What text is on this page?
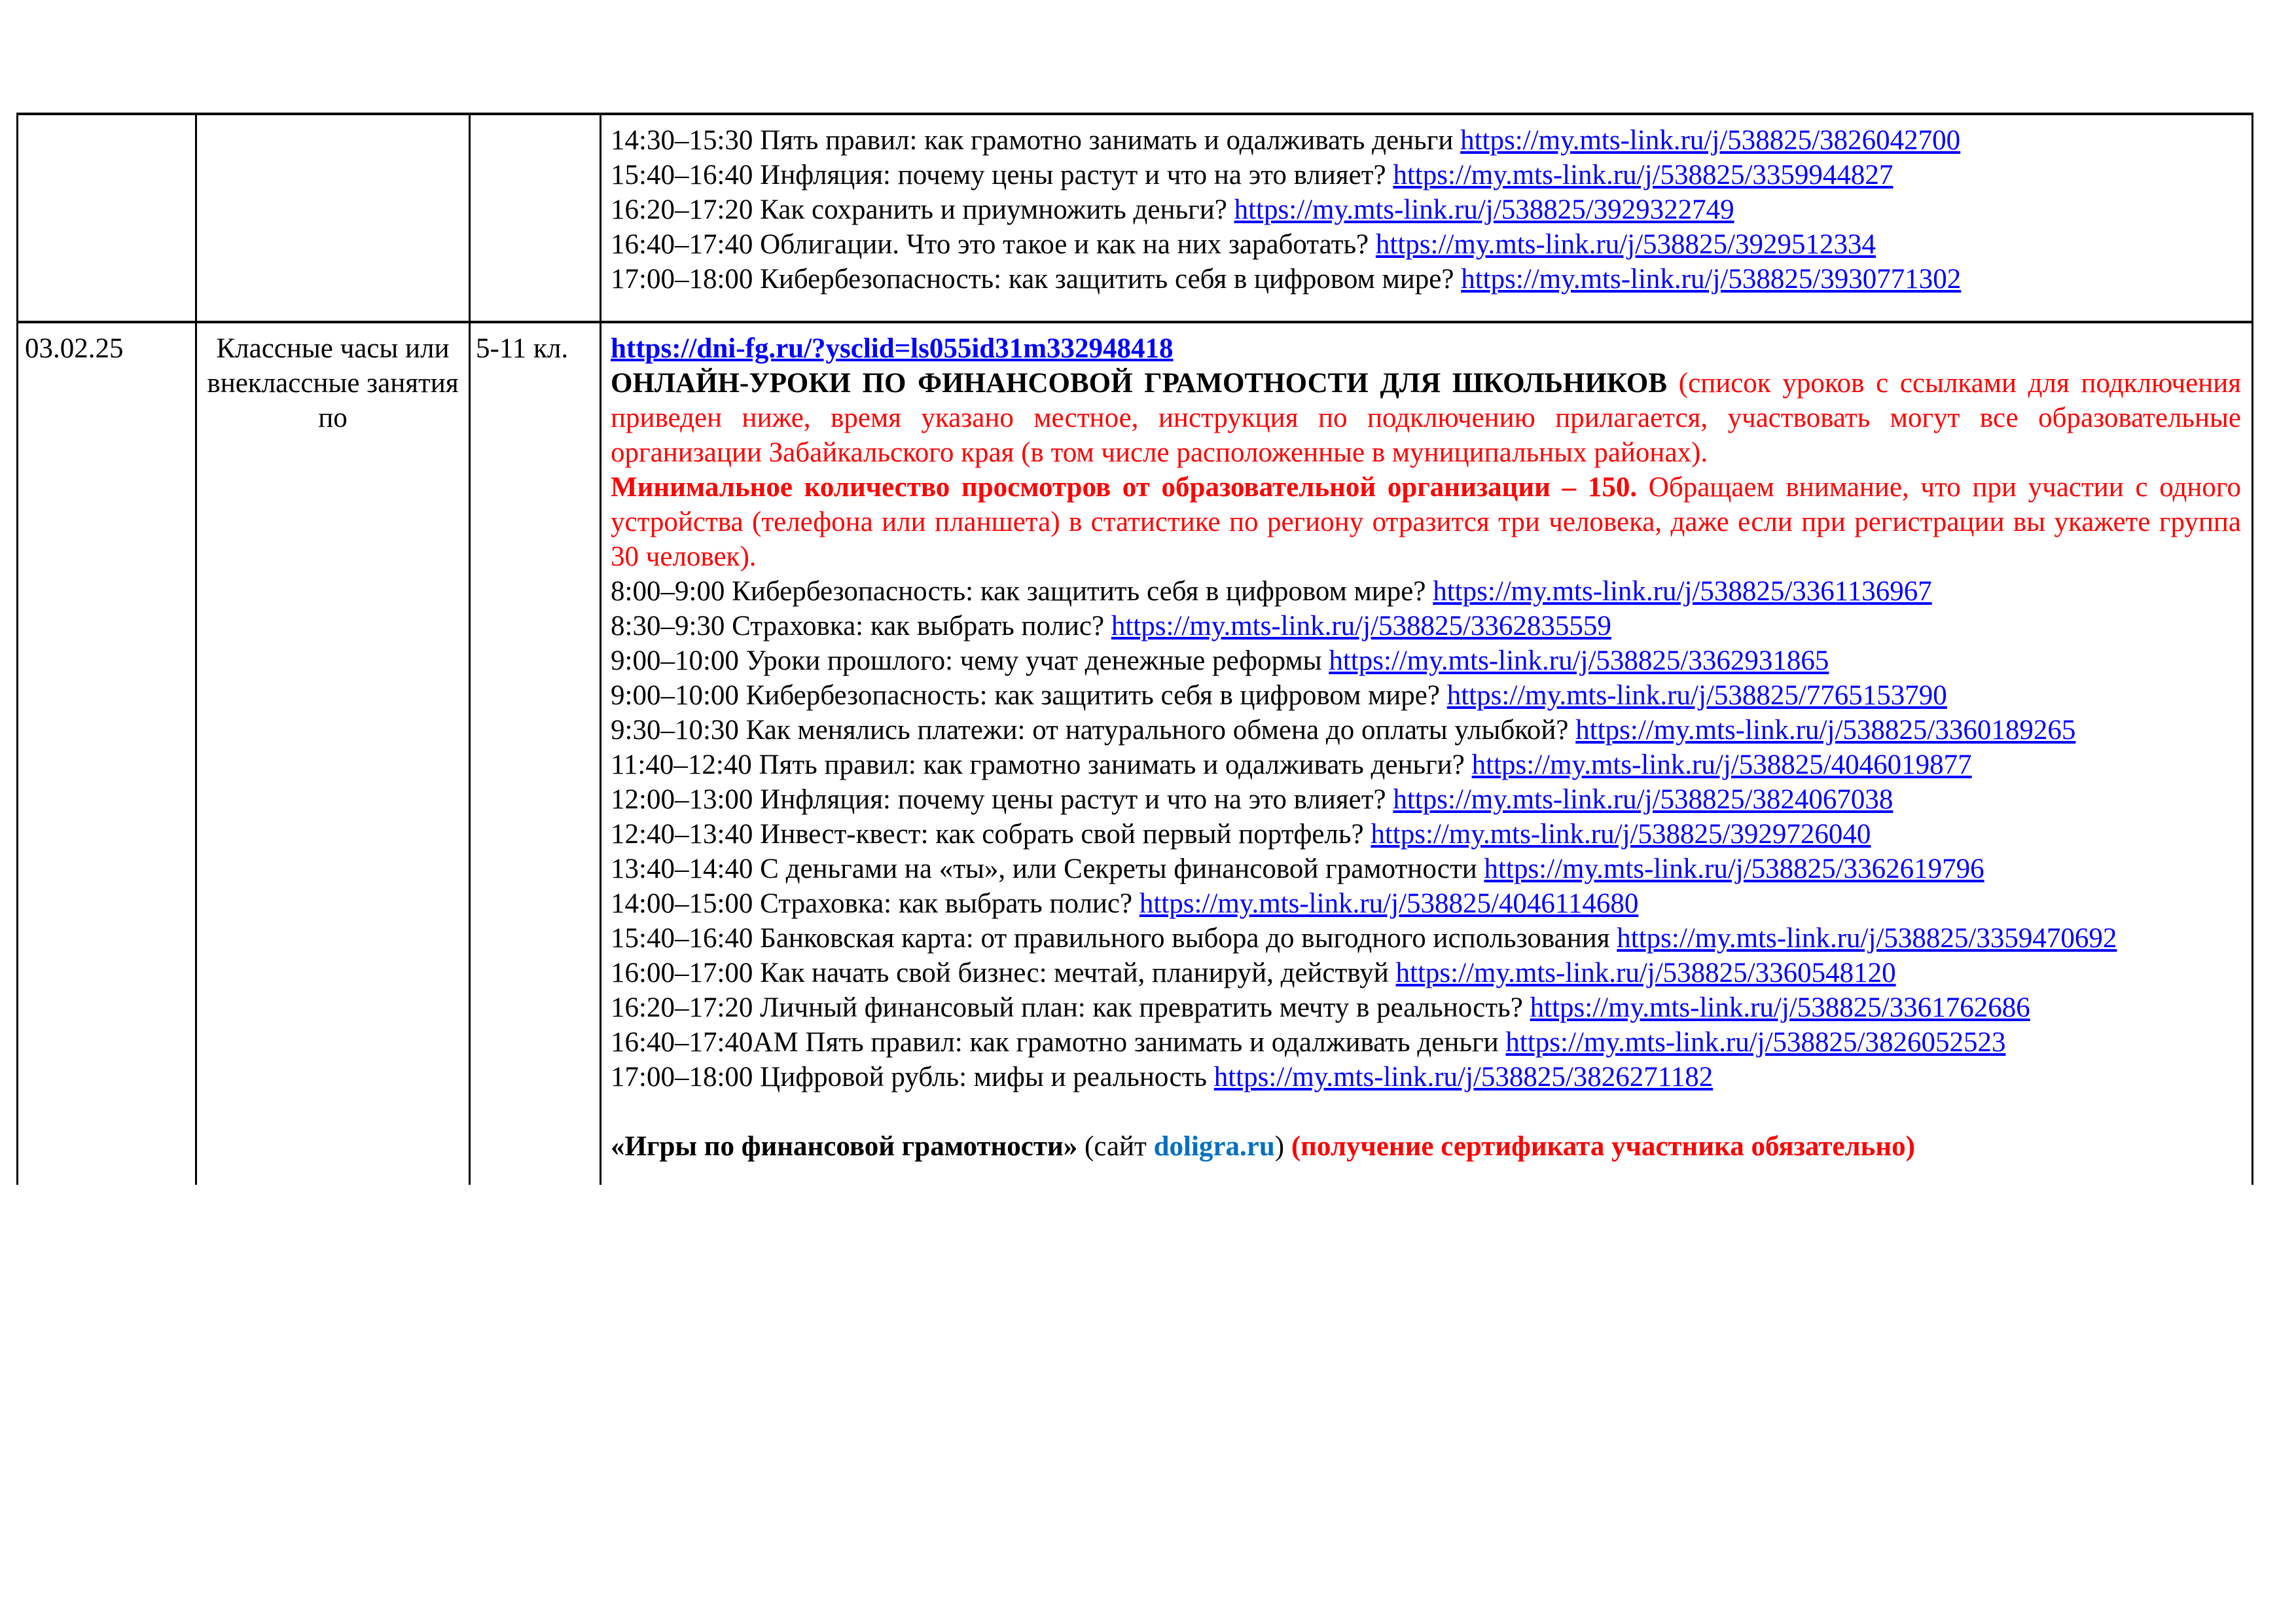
14:30–15:30 Пять правил: как грамотно занимать и одалживать деньги https://my.mts-link.ru/j/538825/3826042700

15:40–16:40 Инфляция: почему цены растут и что на это влияет? https://my.mts-link.ru/j/538825/3359944827

16:20–17:20 Как сохранить и приумножить деньги? https://my.mts-link.ru/j/538825/3929322749

16:40–17:40 Облигации. Что это такое и как на них заработать? https://my.mts-link.ru/j/538825/3929512334

17:00–18:00 Кибербезопасность: как защитить себя в цифровом мире? https://my.mts-link.ru/j/538825/3930771302

03.02.25	Классные часы или внеклассные занятия по

5-11 кл.	https://dni-fg.ru/?ysclid=ls055id31m332948418

ОНЛАЙН-УРОКИ ПО ФИНАНСОВОЙ ГРАМОТНОСТИ ДЛЯ ШКОЛЬНИКОВ (список уроков с ссылками для подключения приведен ниже, время указано местное, инструкция по подключению прилагается, участвовать могут все образовательные организации Забайкальского края (в том числе расположенные в муниципальных районах).

Минимальное количество просмотров от образовательной организации – 150. Обращаем внимание, что при участии с одного устройства (телефона или планшета) в статистике по региону отразится три человека, даже если при регистрации вы укажете группа 30 человек).

8:00–9:00 Кибербезопасность: как защитить себя в цифровом мире? https://my.mts-link.ru/j/538825/3361136967

8:30–9:30 Страховка: как выбрать полис? https://my.mts-link.ru/j/538825/3362835559

9:00–10:00 Уроки прошлого: чему учат денежные реформы https://my.mts-link.ru/j/538825/3362931865

9:00–10:00 Кибербезопасность: как защитить себя в цифровом мире? https://my.mts-link.ru/j/538825/7765153790

9:30–10:30 Как менялись платежи: от натурального обмена до оплаты улыбкой? https://my.mts-link.ru/j/538825/3360189265

11:40–12:40 Пять правил: как грамотно занимать и одалживать деньги? https://my.mts-link.ru/j/538825/4046019877

12:00–13:00 Инфляция: почему цены растут и что на это влияет? https://my.mts-link.ru/j/538825/3824067038

12:40–13:40 Инвест-квест: как собрать свой первый портфель? https://my.mts-link.ru/j/538825/3929726040

13:40–14:40 С деньгами на «ты», или Секреты финансовой грамотности https://my.mts-link.ru/j/538825/3362619796

14:00–15:00 Страховка: как выбрать полис? https://my.mts-link.ru/j/538825/4046114680

15:40–16:40 Банковская карта: от правильного выбора до выгодного использования https://my.mts-link.ru/j/538825/3359470692

16:00–17:00 Как начать свой бизнес: мечтай, планируй, действуй https://my.mts-link.ru/j/538825/3360548120

16:20–17:20 Личный финансовый план: как превратить мечту в реальность? https://my.mts-link.ru/j/538825/3361762686

16:40–17:40АМ Пять правил: как грамотно занимать и одалживать деньги https://my.mts-link.ru/j/538825/3826052523

17:00–18:00 Цифровой рубль: мифы и реальность https://my.mts-link.ru/j/538825/3826271182

«Игры по финансовой грамотности» (сайт doligra.ru) (получение сертификата участника обязательно)
